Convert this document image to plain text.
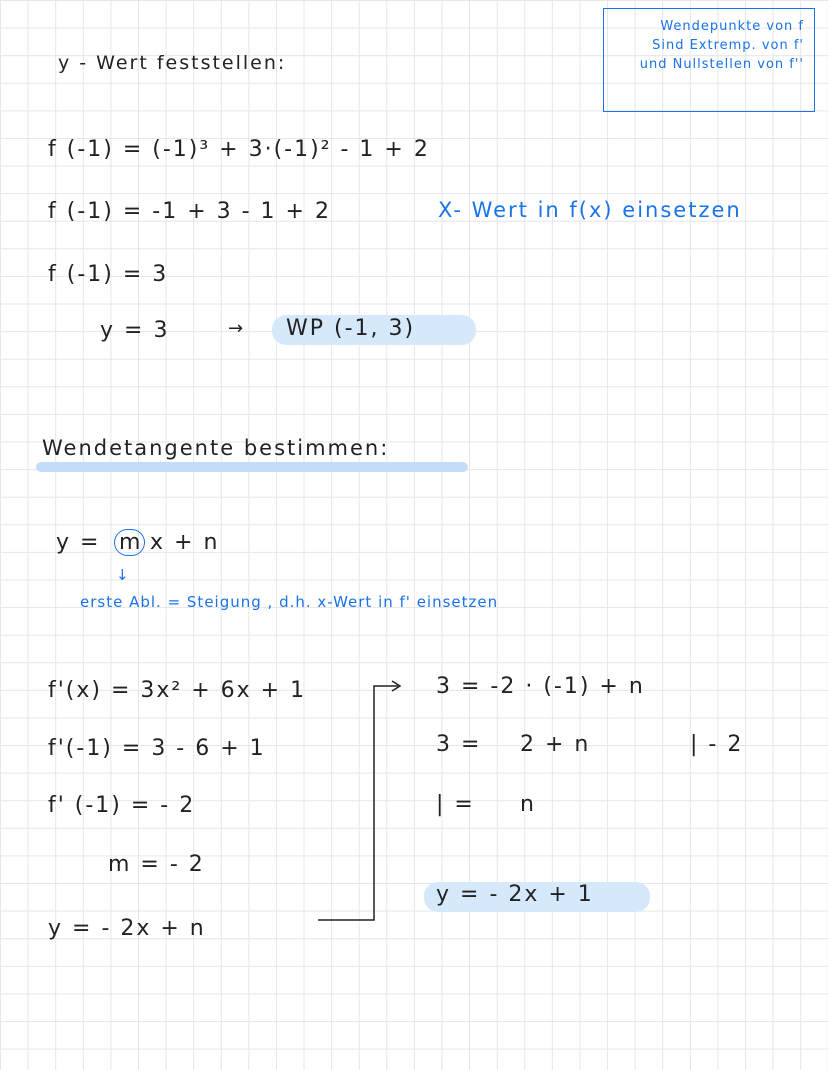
Wendepunkte von f
Sind Extremp. von f'
und Nullstellen von f''
y - Wert feststellen:
f (-1) = (-1)³ + 3·(-1)² - 1 + 2
f (-1) = -1 + 3 - 1 + 2	X- Wert in f(x) einsetzen
f (-1) = 3
y = 3	→ WP (-1, 3)
Wendetangente bestimmen:
y = m x + n
↓
erste Abl. = Steigung , d.h. x-Wert in f' einsetzen
f'(x) = 3x² + 6x + 1
f'(-1) = 3 - 6 + 1
f' (-1) = - 2
m = - 2
y = - 2x + n
3 = -2 · (-1) + n
3 = 2 + n	| - 2
| = n
y = - 2x + 1
